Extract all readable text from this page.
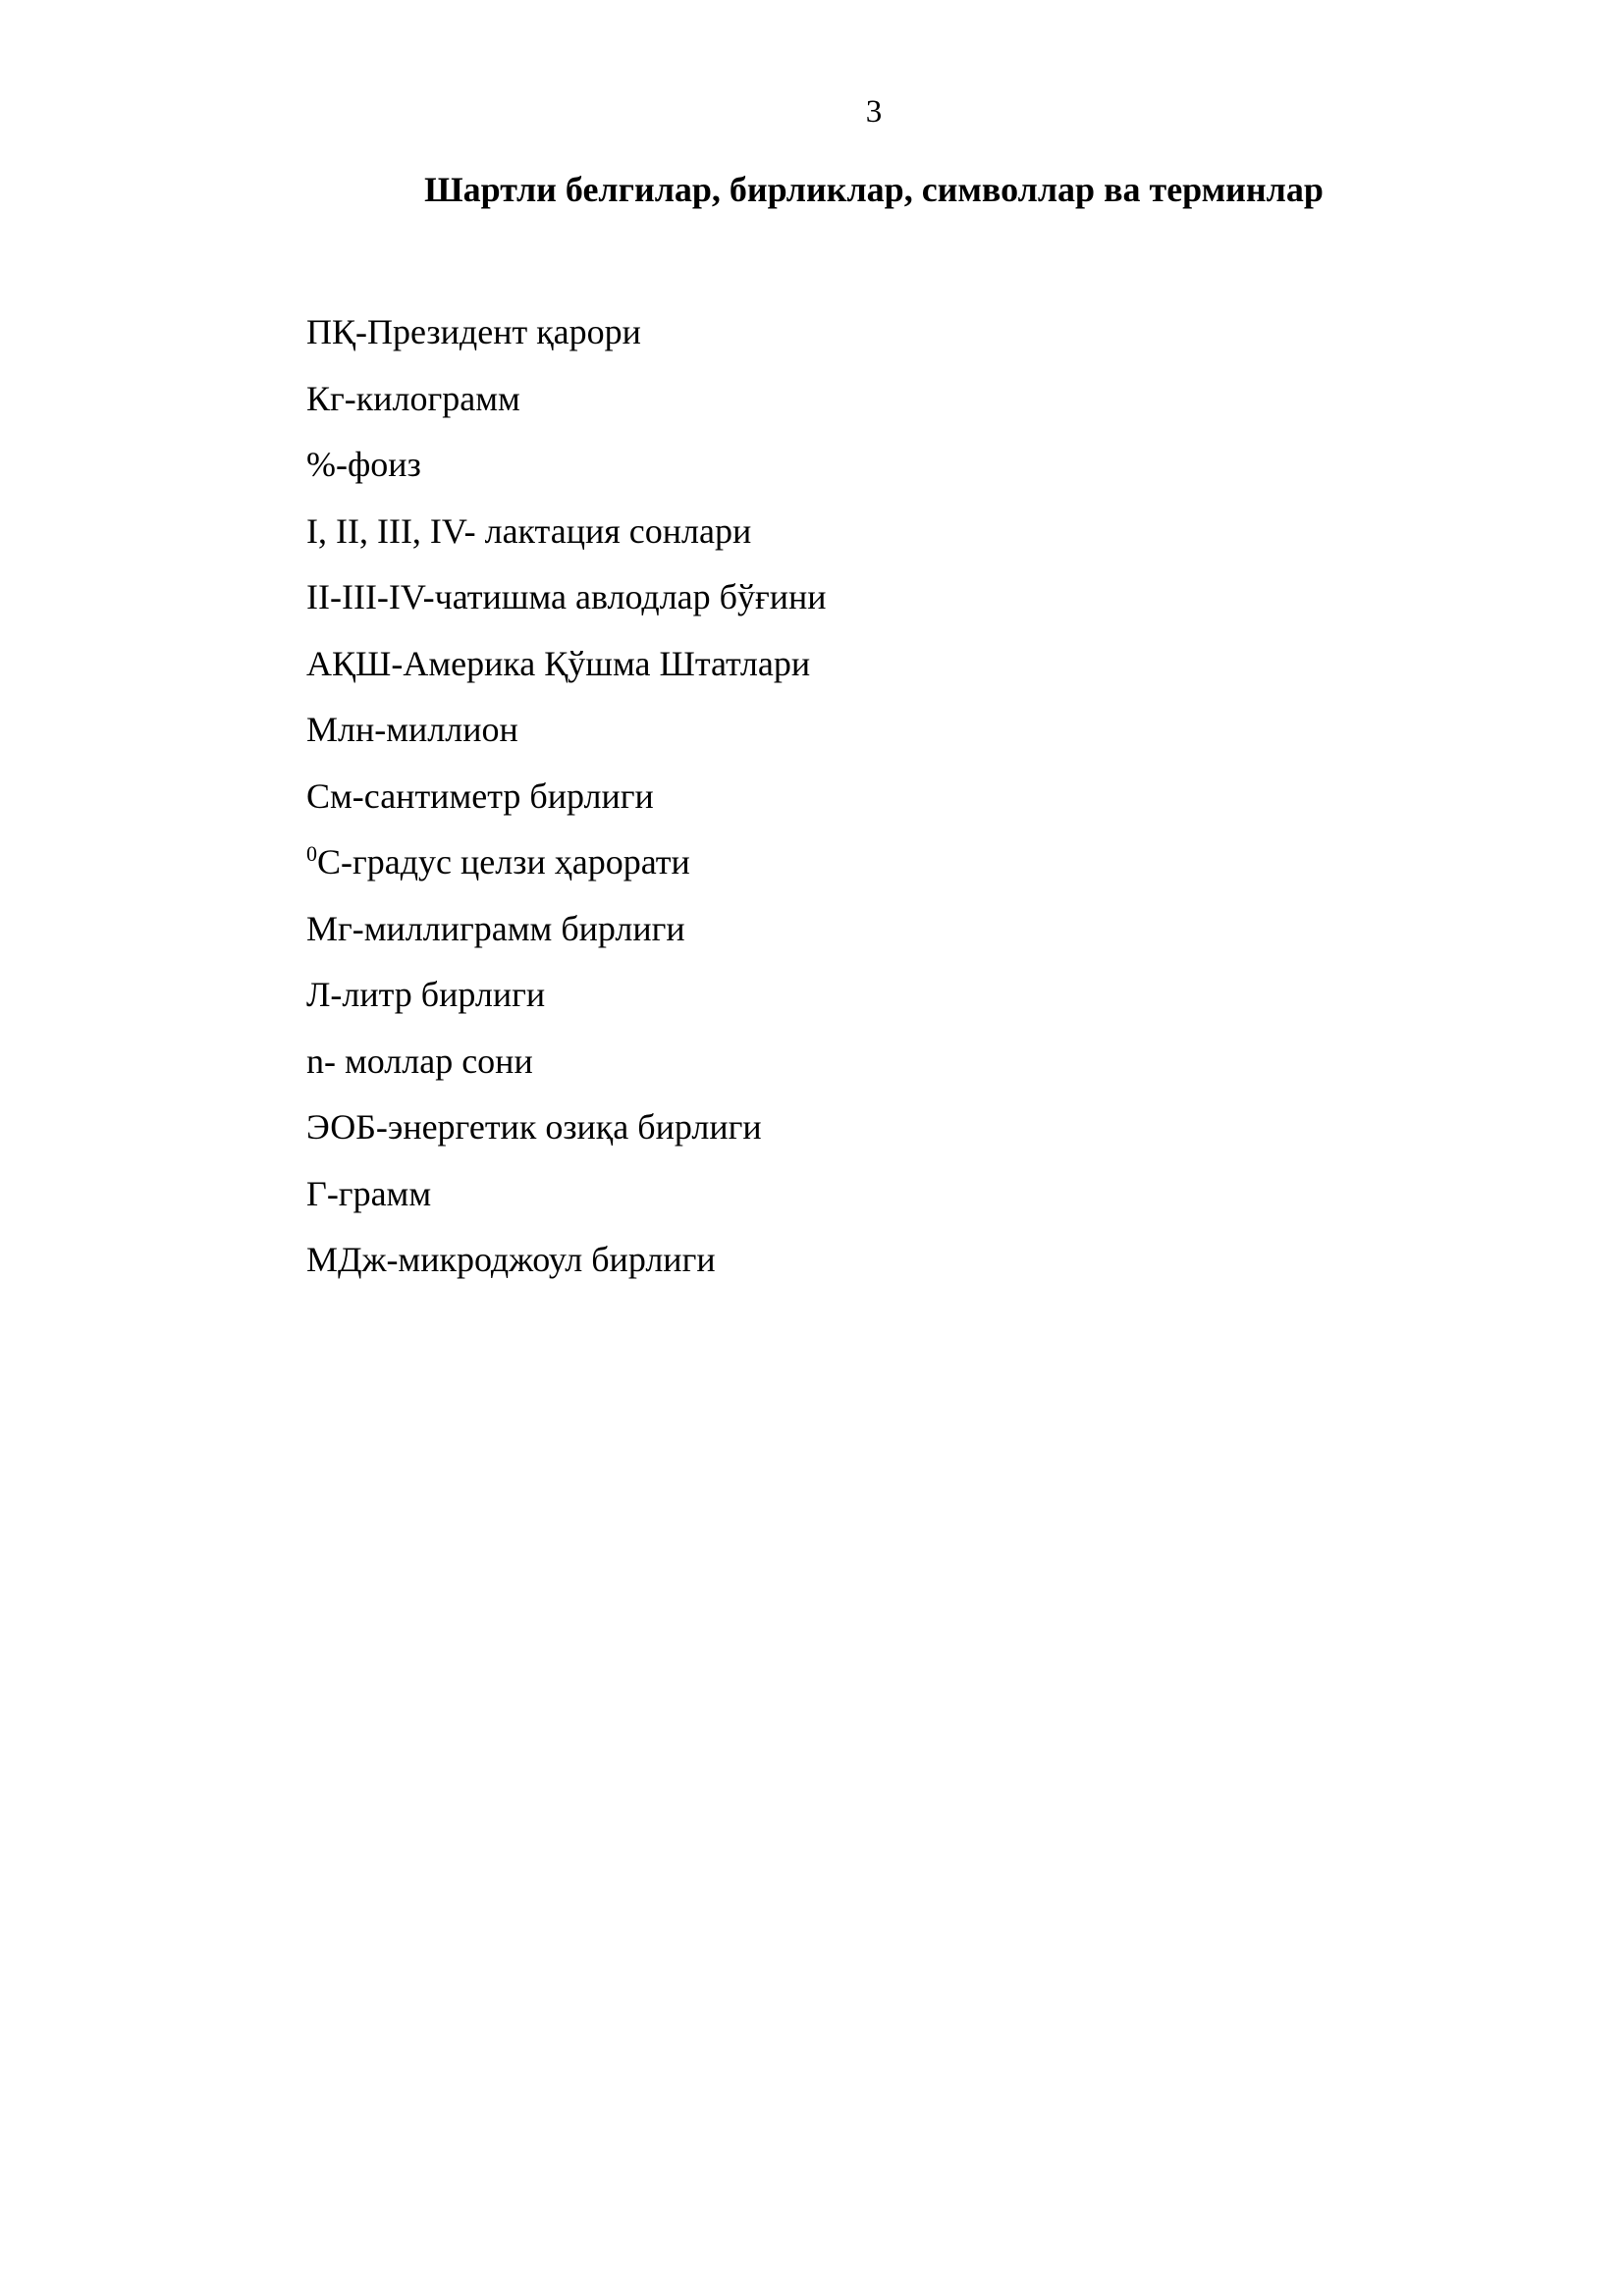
3
Шартли белгилар, бирликлар, символлар ва терминлар
ПҚ-Президент қарори
Кг-килограмм
%-фоиз
I, II, III, IV- лактация сонлари
II-III-IV-чатишма авлодлар бўғини
АҚШ-Америка Қўшма Штатлари
Млн-миллион
См-сантиметр бирлиги
$^0$С-градус целзи ҳарорати
Мг-миллиграмм бирлиги
Л-литр бирлиги
n- моллар сони
ЭОБ-энергетик озиқа бирлиги
Г-грамм
МДж-микроджоул бирлиги
